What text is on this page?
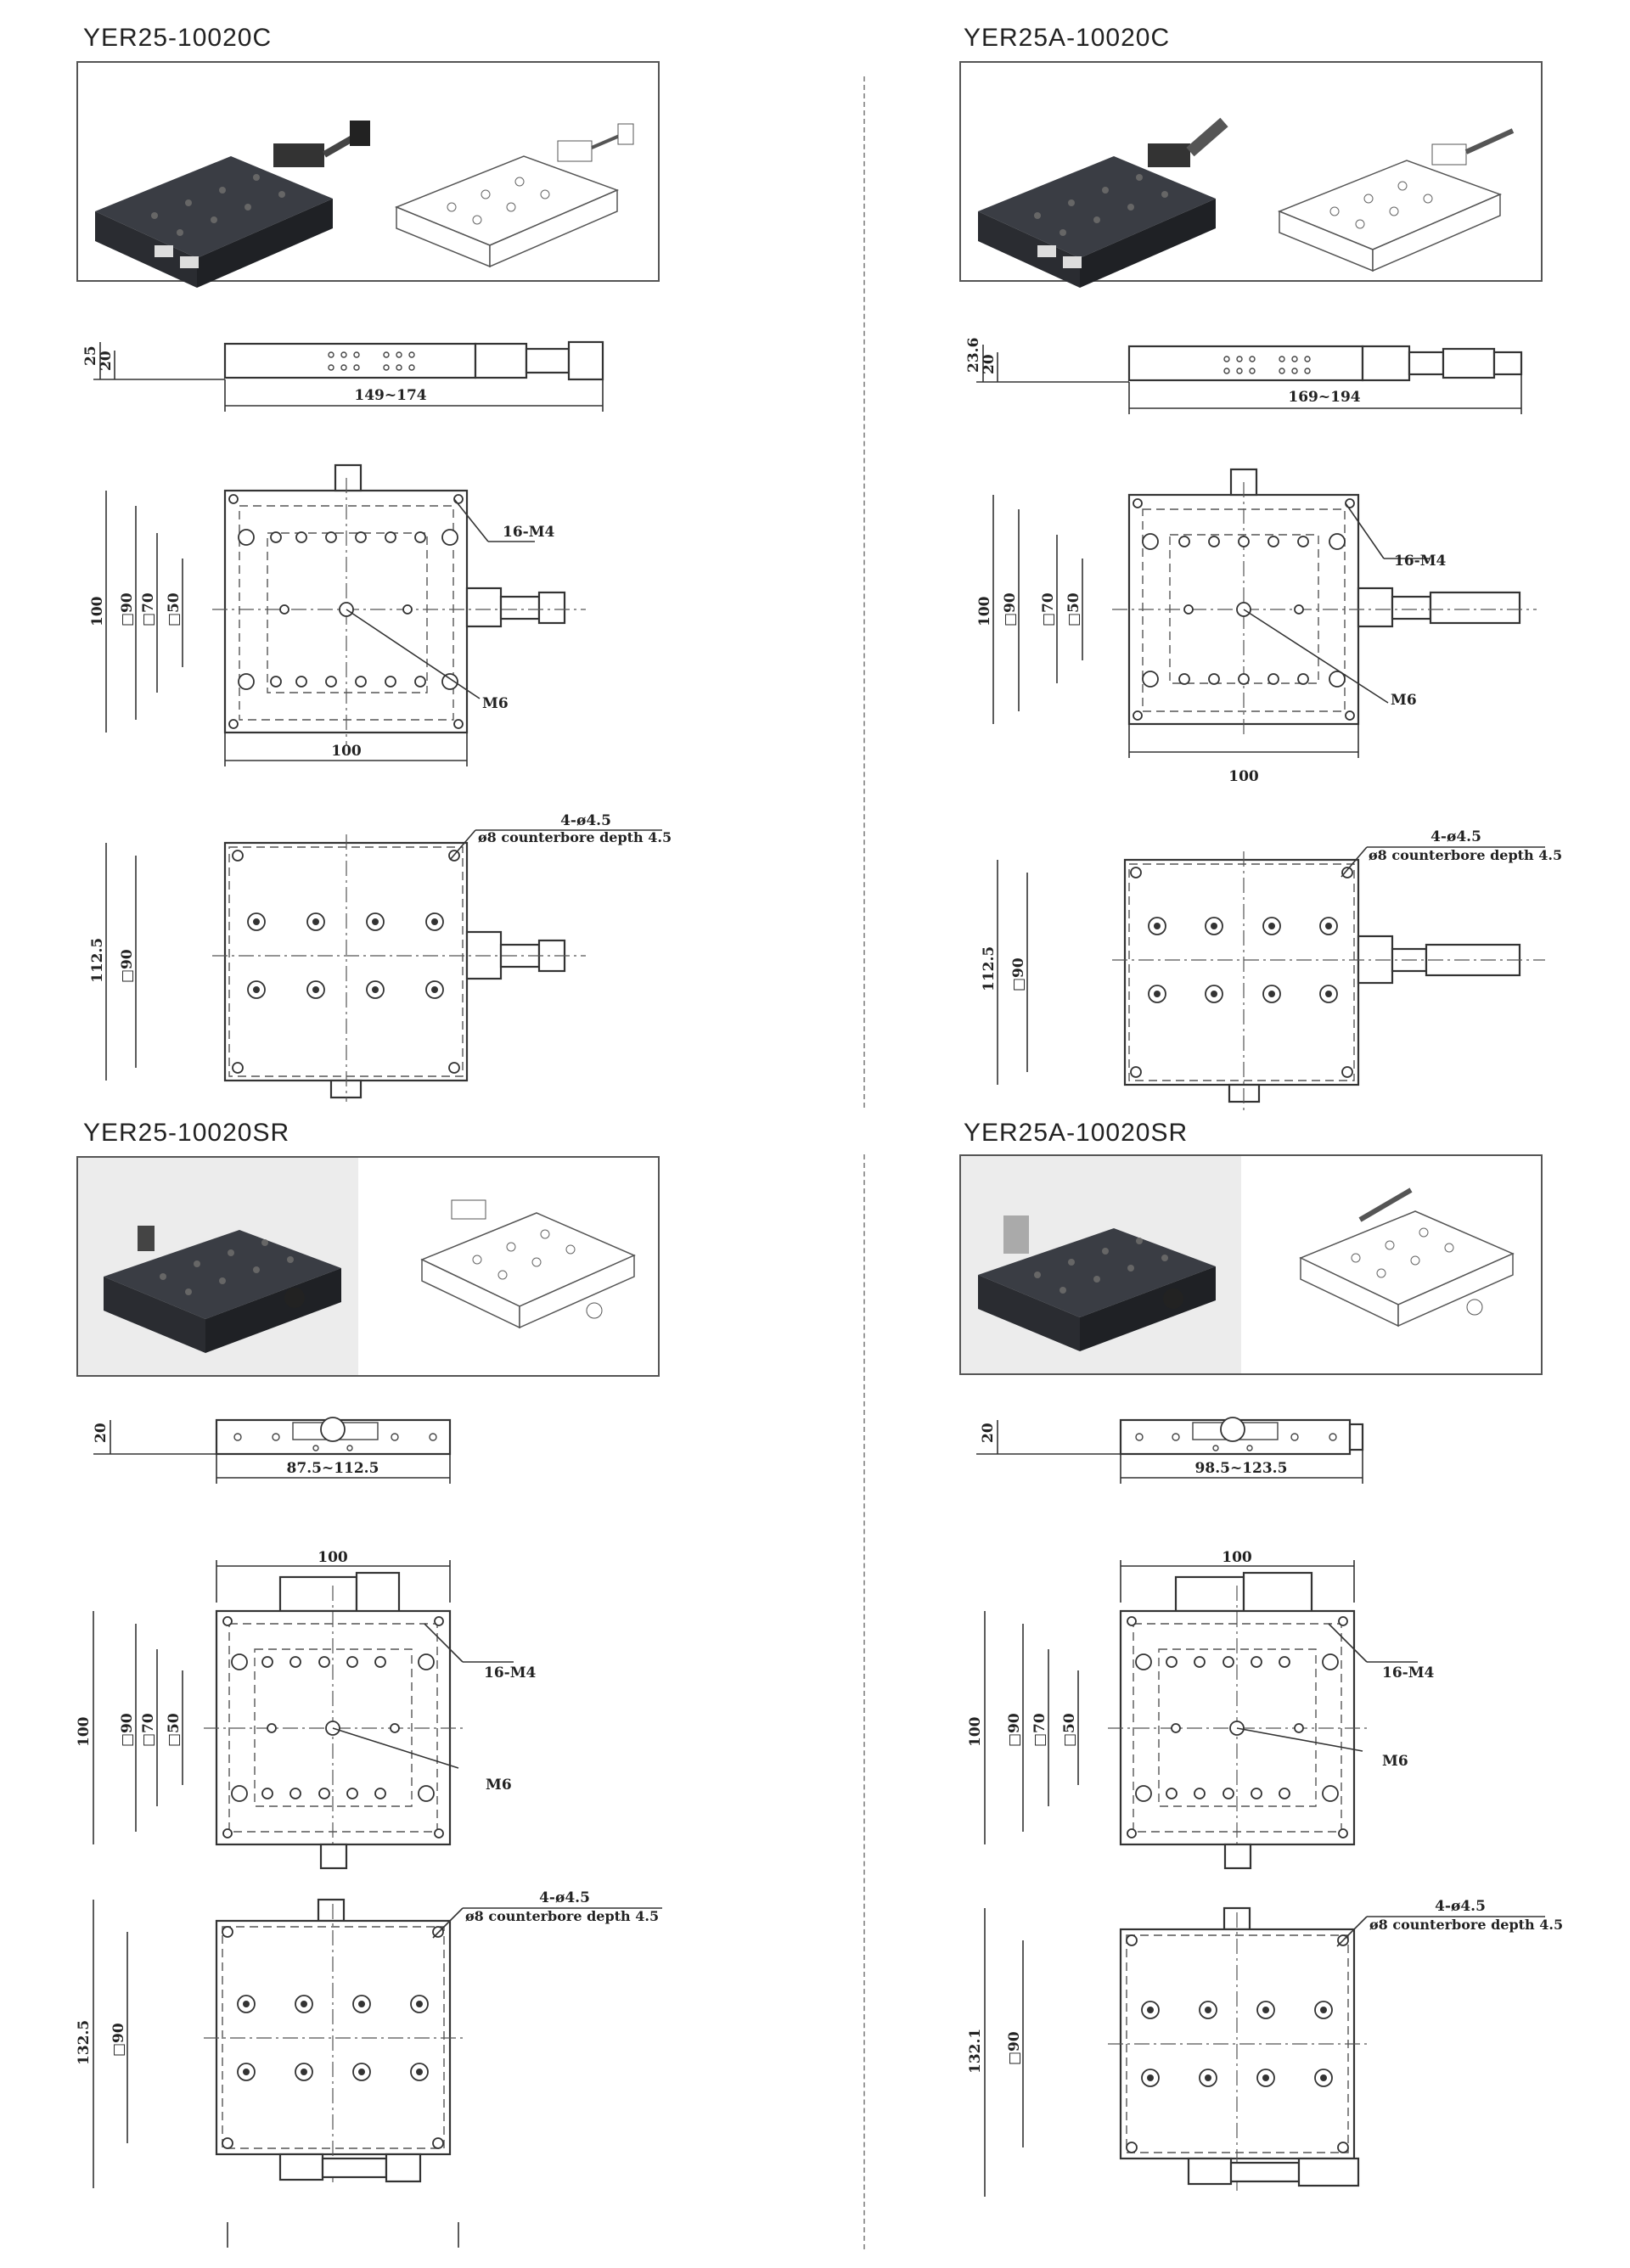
YER25-10020C
25
20
149~174
100 □90 □70 □50
100
16-M4
M6
112.5 □90
4-ø4.5
ø8 counterbore depth 4.5
YER25A-10020C
23.6
20
169~194
100 □90 □70 □50
100
16-M4
M6
112.5 □90
4-ø4.5
ø8 counterbore depth 4.5
YER25-10020SR
20
87.5~112.5
100
100 □90 □70 □50
16-M4
M6
132.5 □90
4-ø4.5
ø8 counterbore depth 4.5
YER25A-10020SR
20
98.5~123.5
100
100 □90 □70 □50
16-M4
M6
132.1 □90
4-ø4.5
ø8 counterbore depth 4.5
